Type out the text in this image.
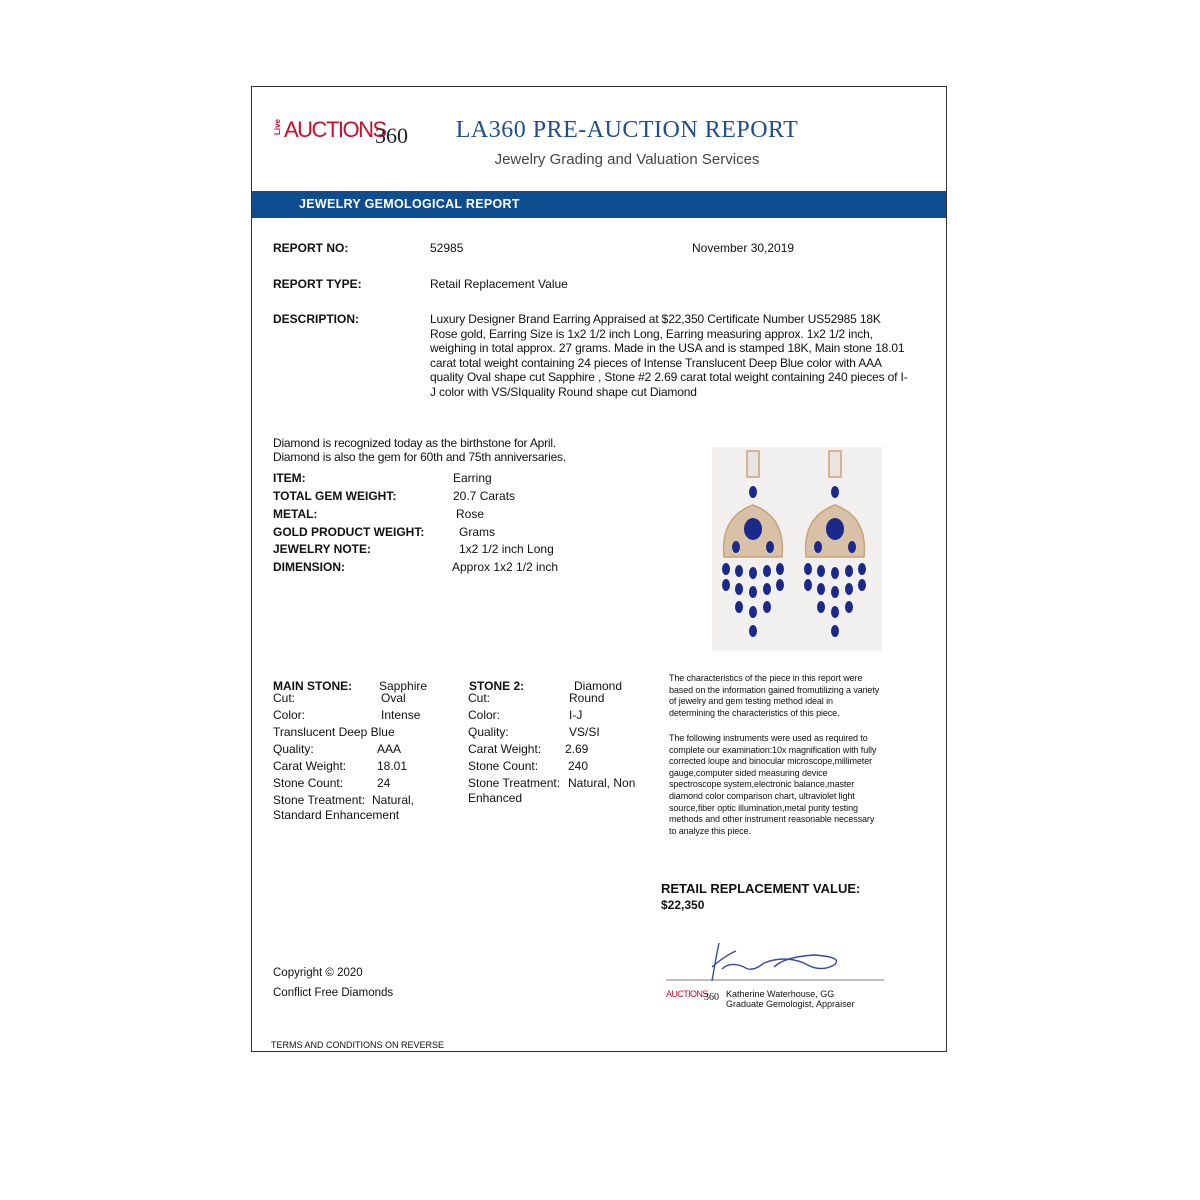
Live AUCTIONS
360	LA360 PRE-AUCTION REPORT
Jewelry Grading and Valuation Services
JEWELRY GEMOLOGICAL REPORT
REPORT NO:	52985	November 30,2019
REPORT TYPE:	Retail Replacement Value
DESCRIPTION:	Luxury Designer Brand Earring Appraised at $22,350 Certificate Number US52985 18K Rose gold, Earring Size is 1x2 1/2 inch Long, Earring measuring approx. 1x2 1/2 inch, weighing in total approx. 27 grams. Made in the USA and is stamped 18K, Main stone 18.01 carat total weight containing 24 pieces of Intense Translucent Deep Blue color with AAA quality Oval shape cut Sapphire , Stone #2 2.69 carat total weight containing 240 pieces of I-J color with VS/SIquality Round shape cut Diamond
Diamond is recognized today as the birthstone for April.
Diamond is also the gem for 60th and 75th anniversaries.
ITEM:	Earring
TOTAL GEM WEIGHT:	20.7 Carats
METAL:	Rose
GOLD PRODUCT WEIGHT:	Grams
JEWELRY NOTE:	1x2 1/2 inch Long
DIMENSION:	Approx 1x2 1/2 inch
MAIN STONE: Sapphire
Cut:	Oval
Color:	Intense
Translucent Deep Blue
Quality:	AAA
Carat Weight:	18.01
Stone Count:	24
Stone Treatment: Natural,
Standard Enhancement
STONE 2:	Diamond
Cut:	Round
Color:	I-J
Quality:	VS/SI
Carat Weight: 2.69
Stone Count: 240
Stone Treatment: Natural, Non
Enhanced
The characteristics of the piece in this report were
based on the information gained fromutilizing a variety
of jewelry and gem testing method ideal in
determining the characteristics of this piece.
The following instruments were used as required to
complete our examination:10x magnification with fully
corrected loupe and binocular microscope,millimeter
gauge,computer sided measuring device
spectroscope system,electronic balance,master
diamond color comparison chart, ultraviolet light
source,fiber optic illumination,metal purity testing
methods and other instrument reasonable necessary
to analyze this piece.
RETAIL REPLACEMENT VALUE:
$22,350
AUCTIONS
360 Katherine Waterhouse, GG
Graduate Gemologist, Appraiser
Copyright © 2020
Conflict Free Diamonds
TERMS AND CONDITIONS ON REVERSE
